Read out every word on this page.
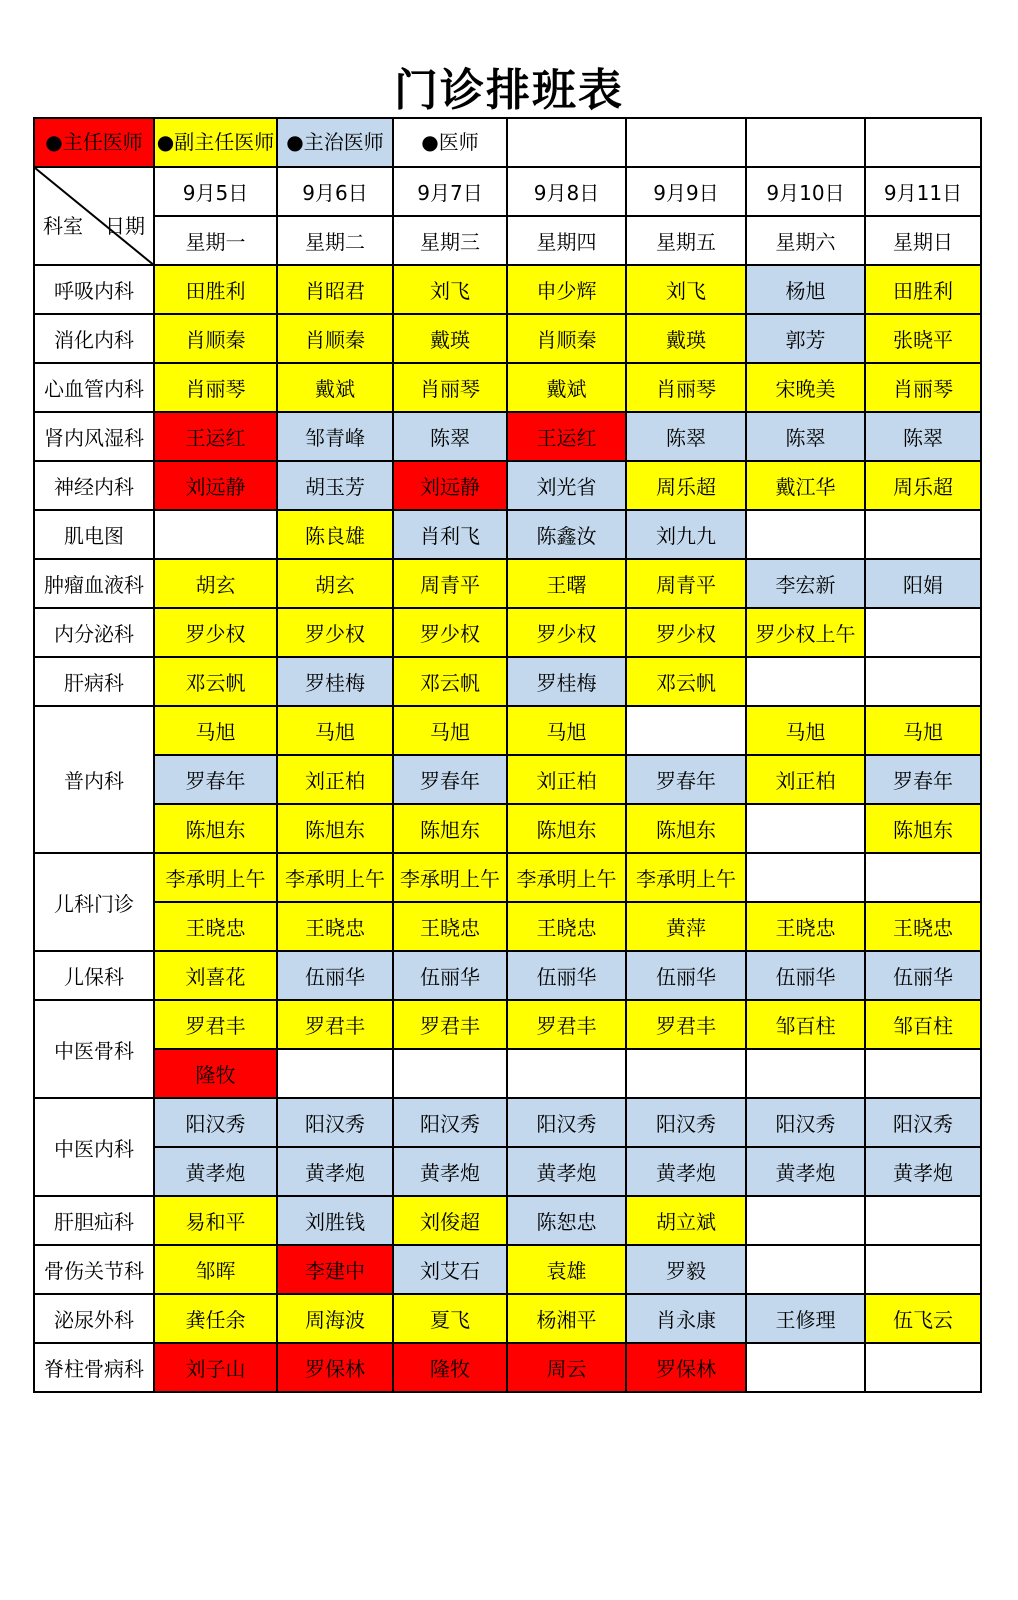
门诊排班表
●主任医师	●副主任医师	●主治医师	●医师				

科室 日期	9月5日	9月6日	9月7日	9月8日	9月9日	9月10日	9月11日
	星期一	星期二	星期三	星期四	星期五	星期六	星期日
呼吸内科	田胜利	肖昭君	刘飞	申少辉	刘飞	杨旭	田胜利
消化内科	肖顺秦	肖顺秦	戴瑛	肖顺秦	戴瑛	郭芳	张晓平
心血管内科	肖丽琴	戴斌	肖丽琴	戴斌	肖丽琴	宋晚美	肖丽琴
肾内风湿科	王运红	邹青峰	陈翠	王运红	陈翠	陈翠	陈翠
神经内科	刘远静	胡玉芳	刘远静	刘光省	周乐超	戴江华	周乐超
肌电图		陈良雄	肖利飞	陈鑫汝	刘九九		
肿瘤血液科	胡玄	胡玄	周青平	王曙	周青平	李宏新	阳娟
内分泌科	罗少权	罗少权	罗少权	罗少权	罗少权	罗少权上午	
肝病科	邓云帆	罗桂梅	邓云帆	罗桂梅	邓云帆		
普内科	马旭	马旭	马旭	马旭		马旭	马旭
	罗春年	刘正柏	罗春年	刘正柏	罗春年	刘正柏	罗春年
	陈旭东	陈旭东	陈旭东	陈旭东	陈旭东		陈旭东
儿科门诊	李承明上午	李承明上午	李承明上午	李承明上午	李承明上午		
	王晓忠	王晓忠	王晓忠	王晓忠	黄萍	王晓忠	王晓忠
儿保科	刘喜花	伍丽华	伍丽华	伍丽华	伍丽华	伍丽华	伍丽华
中医骨科	罗君丰	罗君丰	罗君丰	罗君丰	罗君丰	邹百柱	邹百柱
	隆牧						
中医内科	阳汉秀	阳汉秀	阳汉秀	阳汉秀	阳汉秀	阳汉秀	阳汉秀
	黄孝炮	黄孝炮	黄孝炮	黄孝炮	黄孝炮	黄孝炮	黄孝炮
肝胆疝科	易和平	刘胜钱	刘俊超	陈恕忠	胡立斌		
骨伤关节科	邹晖	李建中	刘艾石	袁雄	罗毅		
泌尿外科	龚任余	周海波	夏飞	杨湘平	肖永康	王修理	伍飞云
脊柱骨病科	刘子山	罗保林	隆牧	周云	罗保林		
